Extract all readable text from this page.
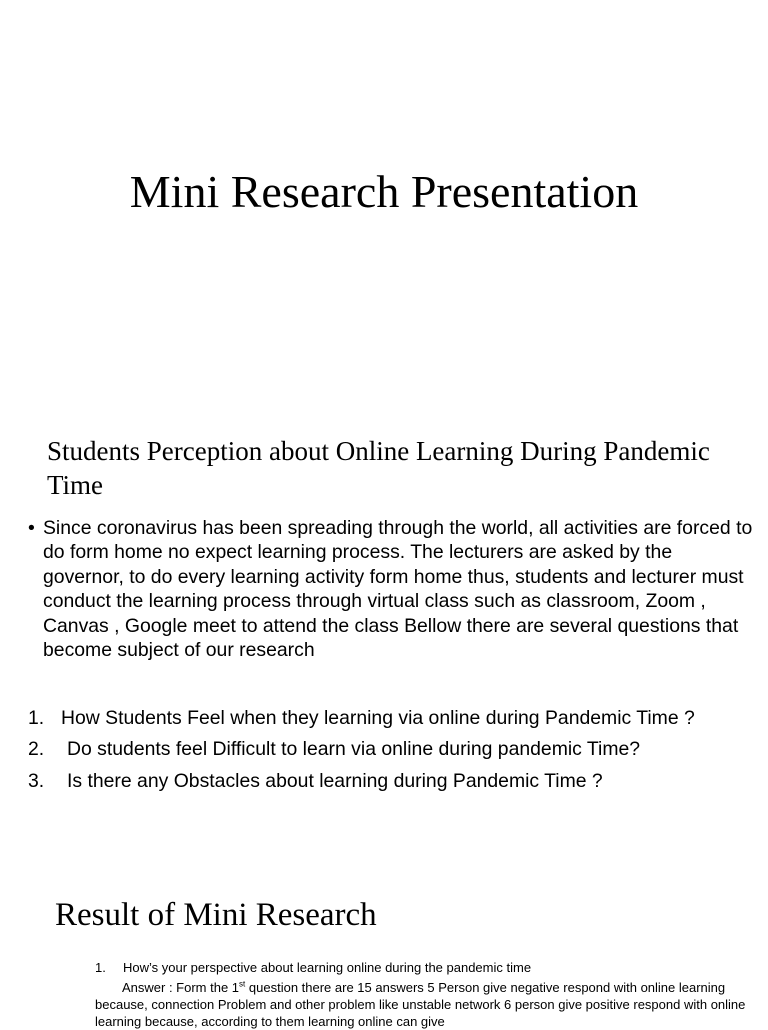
Mini Research Presentation
Students Perception about Online Learning During Pandemic Time
• Since coronavirus has been spreading through the world, all activities are forced to do form home no expect learning process. The lecturers are asked by the governor, to do every learning activity form home thus, students and lecturer must conduct the learning process through virtual class such as classroom, Zoom , Canvas , Google meet to attend the class Bellow there are several questions that become subject of our research
1. How Students Feel when they learning via online during Pandemic Time ?
2. Do students feel Difficult to learn via online during pandemic Time?
3. Is there any Obstacles about learning during Pandemic Time ?
Result of Mini Research
1. How’s your perspective about learning online during the pandemic time
Answer : Form the 1st question there are 15 answers 5 Person give negative respond with online learning because, connection Problem and other problem like unstable network 6 person give positive respond with online learning because, according to them learning online can give
